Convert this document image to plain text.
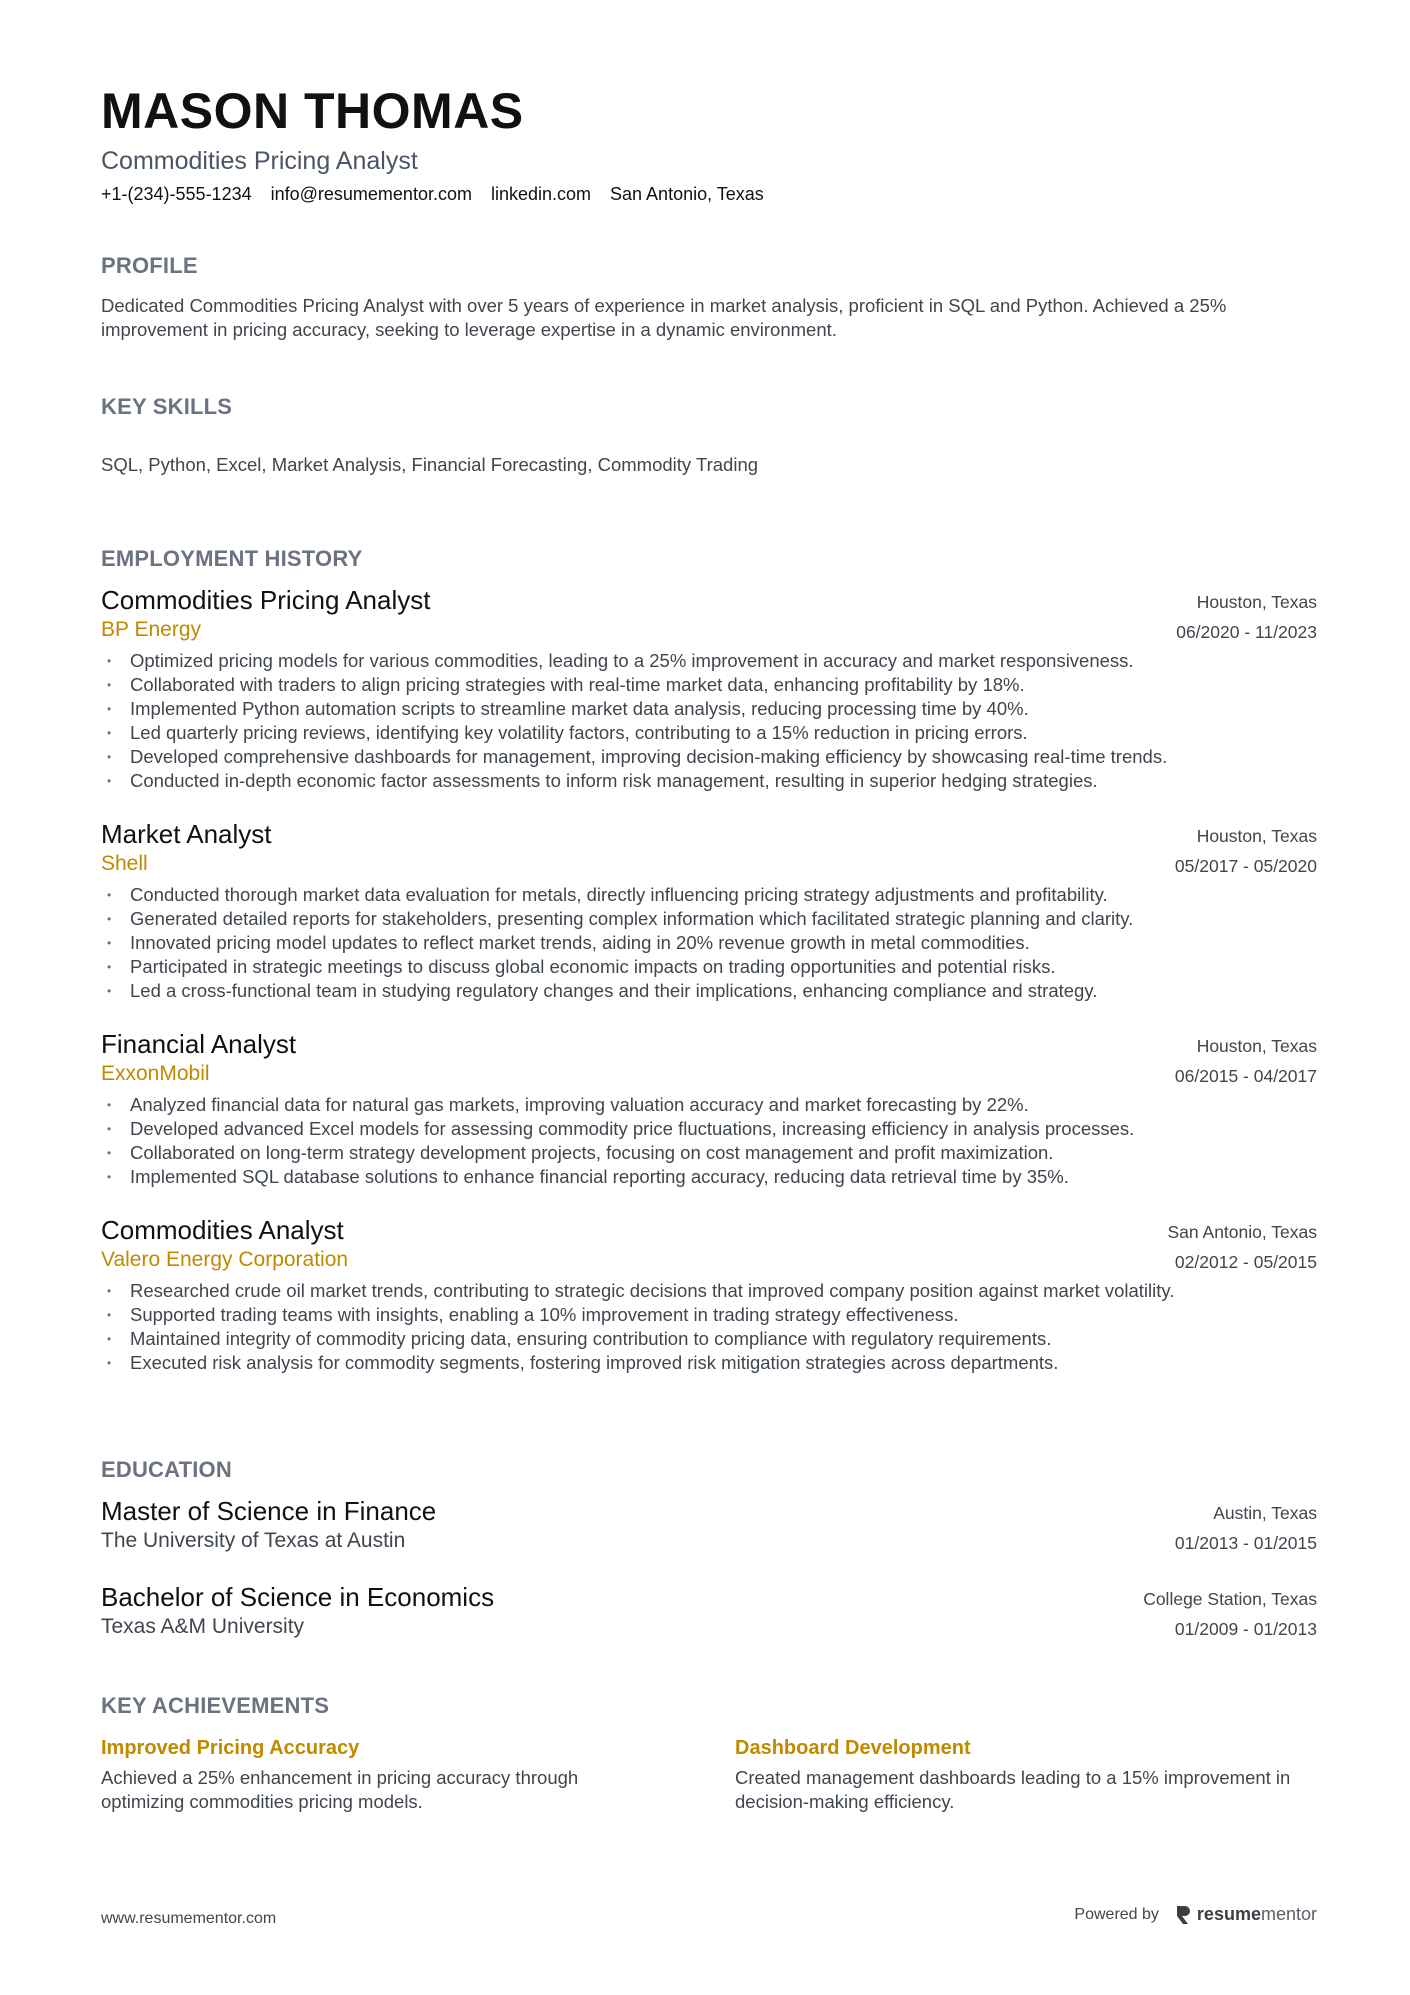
MASON THOMAS
Commodities Pricing Analyst
+1-(234)-555-1234 info@resumementor.com linkedin.com San Antonio, Texas
PROFILE
Dedicated Commodities Pricing Analyst with over 5 years of experience in market analysis, proficient in SQL and Python. Achieved a 25% improvement in pricing accuracy, seeking to leverage expertise in a dynamic environment.
KEY SKILLS
SQL, Python, Excel, Market Analysis, Financial Forecasting, Commodity Trading
EMPLOYMENT HISTORY
Commodities Pricing Analyst
BP Energy
Houston, Texas
06/2020 - 11/2023
• Optimized pricing models for various commodities, leading to a 25% improvement in accuracy and market responsiveness.
• Collaborated with traders to align pricing strategies with real-time market data, enhancing profitability by 18%.
• Implemented Python automation scripts to streamline market data analysis, reducing processing time by 40%.
• Led quarterly pricing reviews, identifying key volatility factors, contributing to a 15% reduction in pricing errors.
• Developed comprehensive dashboards for management, improving decision-making efficiency by showcasing real-time trends.
• Conducted in-depth economic factor assessments to inform risk management, resulting in superior hedging strategies.
Market Analyst
Shell
Houston, Texas
05/2017 - 05/2020
• Conducted thorough market data evaluation for metals, directly influencing pricing strategy adjustments and profitability.
• Generated detailed reports for stakeholders, presenting complex information which facilitated strategic planning and clarity.
• Innovated pricing model updates to reflect market trends, aiding in 20% revenue growth in metal commodities.
• Participated in strategic meetings to discuss global economic impacts on trading opportunities and potential risks.
• Led a cross-functional team in studying regulatory changes and their implications, enhancing compliance and strategy.
Financial Analyst
ExxonMobil
Houston, Texas
06/2015 - 04/2017
• Analyzed financial data for natural gas markets, improving valuation accuracy and market forecasting by 22%.
• Developed advanced Excel models for assessing commodity price fluctuations, increasing efficiency in analysis processes.
• Collaborated on long-term strategy development projects, focusing on cost management and profit maximization.
• Implemented SQL database solutions to enhance financial reporting accuracy, reducing data retrieval time by 35%.
Commodities Analyst
Valero Energy Corporation
San Antonio, Texas
02/2012 - 05/2015
• Researched crude oil market trends, contributing to strategic decisions that improved company position against market volatility.
• Supported trading teams with insights, enabling a 10% improvement in trading strategy effectiveness.
• Maintained integrity of commodity pricing data, ensuring contribution to compliance with regulatory requirements.
• Executed risk analysis for commodity segments, fostering improved risk mitigation strategies across departments.
EDUCATION
Master of Science in Finance
The University of Texas at Austin
Austin, Texas
01/2013 - 01/2015
Bachelor of Science in Economics
Texas A&M University
College Station, Texas
01/2009 - 01/2013
KEY ACHIEVEMENTS
Improved Pricing Accuracy
Achieved a 25% enhancement in pricing accuracy through optimizing commodities pricing models.
Dashboard Development
Created management dashboards leading to a 15% improvement in decision-making efficiency.
www.resumementor.com	Powered by resumementor
